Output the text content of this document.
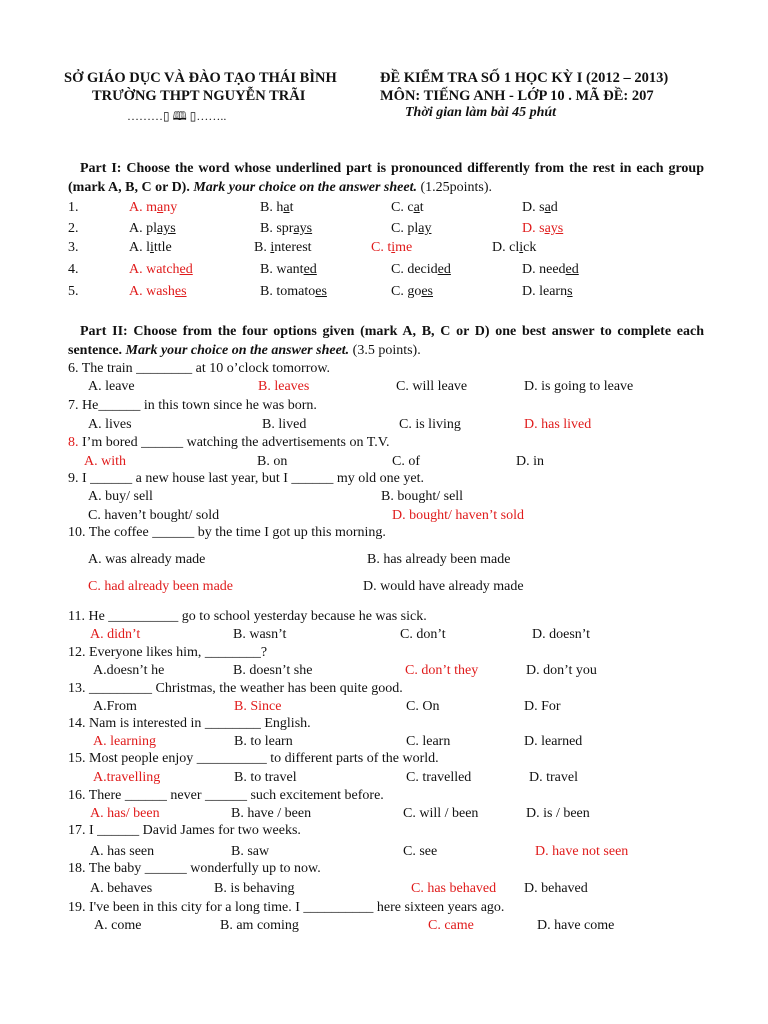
SỞ GIÁO DỤC VÀ ĐÀO TẠO THÁI BÌNH
TRƯỜNG THPT NGUYỄN TRÃI
………▯ 🕮 ▯……..
ĐỀ KIỂM TRA SỐ 1 HỌC KỲ I (2012 – 2013)
MÔN: TIẾNG ANH - LỚP 10 . MÃ ĐỀ: 207
Thời gian làm bài 45 phút
Part I: Choose the word whose underlined part is pronounced differently from the rest in each group (mark A, B, C or D). Mark your choice on the answer sheet. (1.25points).
1.	A. many	B. hat	C. cat	D. sad
2.	A. plays	B. sprays	C. play	D. says
3.	A. little	B. interest	C. time	D. click
4.	A. watched	B. wanted	C. decided	D. needed
5.	A. washes	B. tomatoes	C. goes	D. learns
Part II: Choose from the four options given (mark A, B, C or D) one best answer to complete each sentence. Mark your choice on the answer sheet. (3.5 points).
6. The train ________ at 10 o’clock tomorrow.
A. leave	B. leaves	C. will leave	D. is going to leave
7. He______ in this town since he was born.
A. lives	B. lived	C. is living	D. has lived
8. I’m bored ______ watching the advertisements on T.V.
A. with	B. on	C. of	D. in
9. I ______ a new house last year, but I ______ my old one yet.
A. buy/ sell	B. bought/ sell
C. haven’t bought/ sold	D. bought/ haven’t sold
10. The coffee ______ by the time I got up this morning.
A. was already made	B. has already been made
C. had already been made	D. would have already made
11. He __________ go to school yesterday because he was sick.
A. didn’t	B. wasn’t	C. don’t	D. doesn’t
12. Everyone likes him, ________?
A.doesn’t he	B. doesn’t she	C. don’t they	D. don’t you
13. _________ Christmas, the weather has been quite good.
A.From	B. Since	C. On	D. For
14. Nam is interested in ________ English.
A. learning	B. to learn	C. learn	D. learned
15. Most people enjoy __________ to different parts of the world.
A.travelling	B. to travel	C. travelled	D. travel
16. There ______ never ______ such excitement before.
A. has/ been	B. have / been	C. will / been	D. is / been
17. I ______ David James for two weeks.
A. has seen	B. saw	C. see	D. have not seen
18. The baby ______ wonderfully up to now.
A. behaves	B. is behaving	C. has behaved D. behaved
19. I've been in this city for a long time. I __________ here sixteen years ago.
A. come	B. am coming	C. came	D. have come
